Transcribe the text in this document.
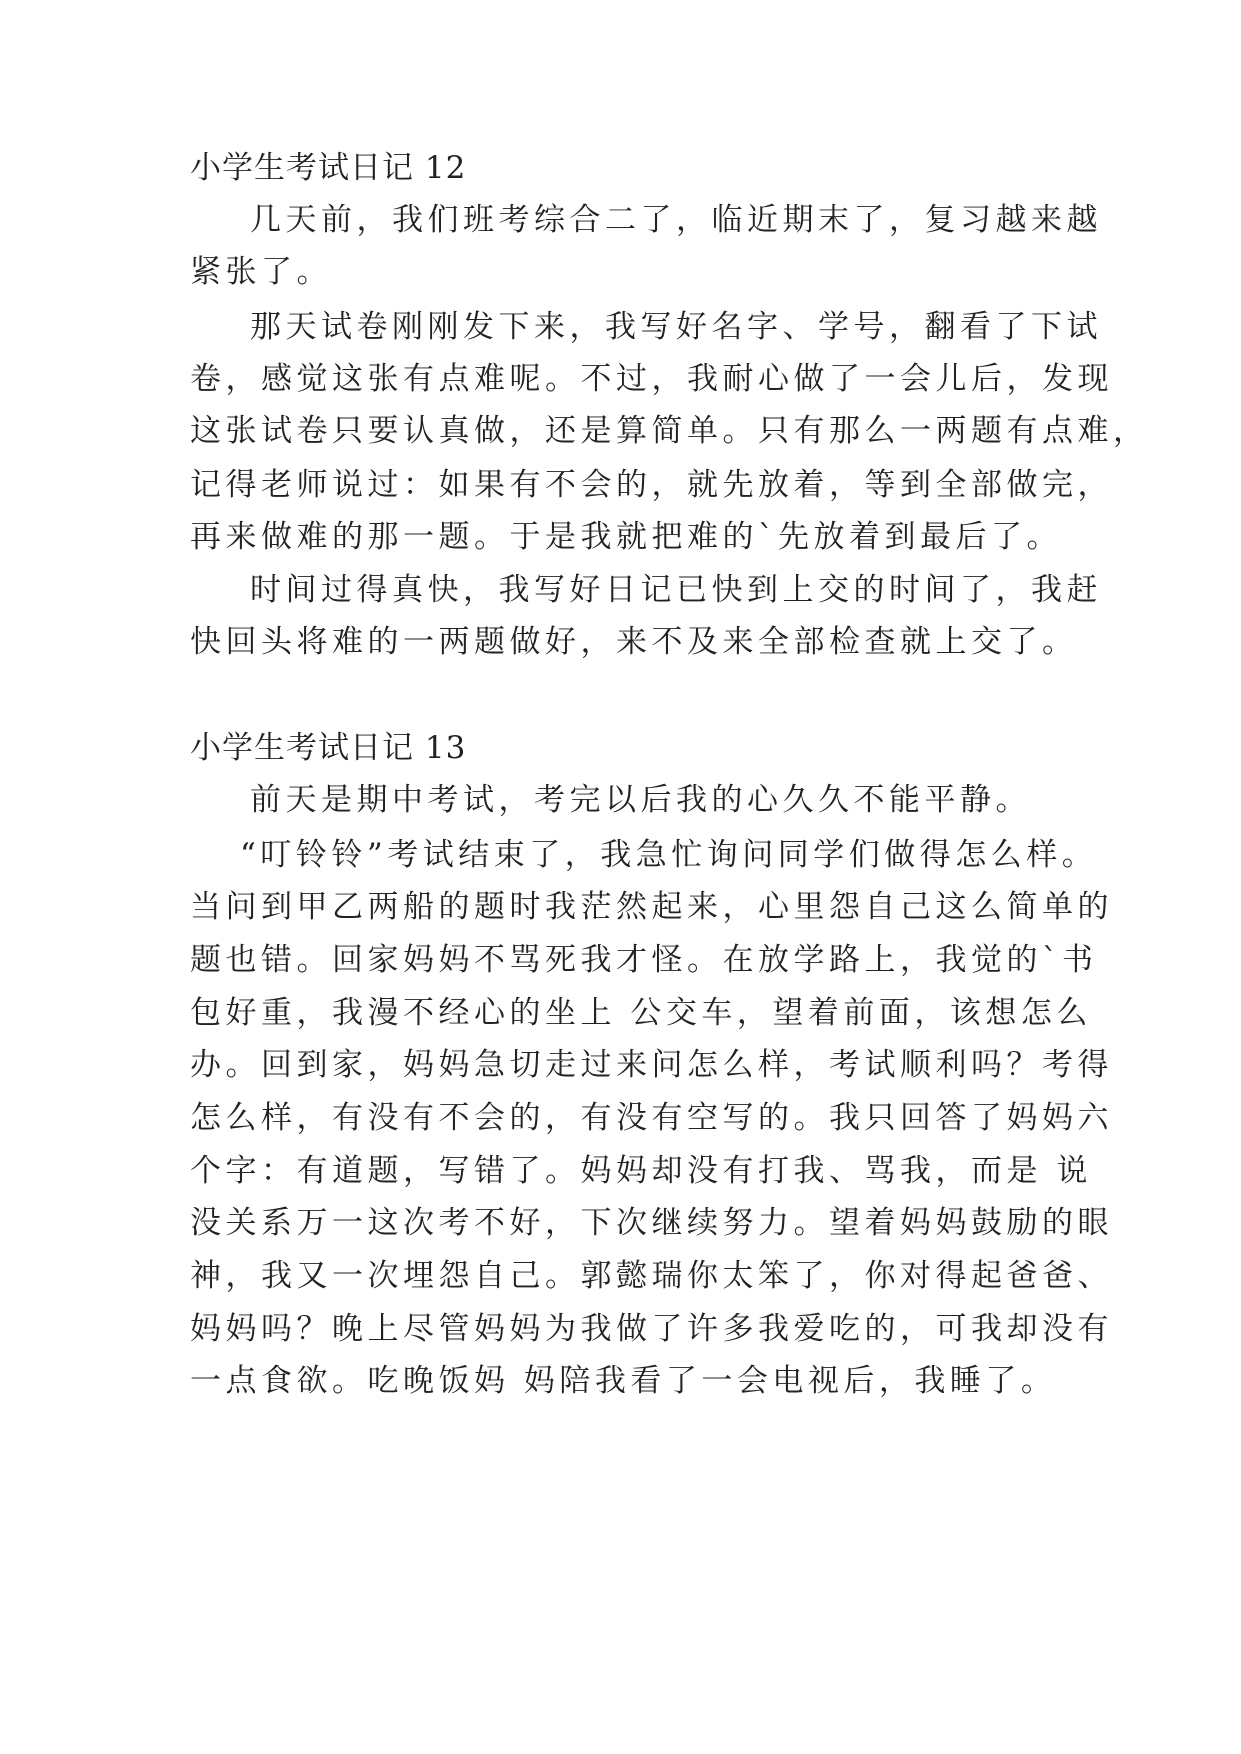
小学生考试日记 12
几天前，我们班考综合二了，临近期末了，复习越来越
紧张了。
那天试卷刚刚发下来，我写好名字、学号，翻看了下试
卷，感觉这张有点难呢。不过，我耐心做了一会儿后，发现
这张试卷只要认真做，还是算简单。只有那么一两题有点难，
记得老师说过：如果有不会的，就先放着，等到全部做完，
再来做难的那一题。于是我就把难的`先放着到最后了。
时间过得真快，我写好日记已快到上交的时间了，我赶
快回头将难的一两题做好，来不及来全部检查就上交了。
小学生考试日记 13
前天是期中考试，考完以后我的心久久不能平静。
“叮铃铃”考试结束了，我急忙询问同学们做得怎么样。
当问到甲乙两船的题时我茫然起来，心里怨自己这么简单的
题也错。回家妈妈不骂死我才怪。在放学路上，我觉的`书
包好重，我漫不经心的坐上 公交车，望着前面，该想怎么
办。回到家，妈妈急切走过来问怎么样，考试顺利吗？考得
怎么样，有没有不会的，有没有空写的。我只回答了妈妈六
个字：有道题，写错了。妈妈却没有打我、骂我，而是 说
没关系万一这次考不好，下次继续努力。望着妈妈鼓励的眼
神，我又一次埋怨自己。郭懿瑞你太笨了，你对得起爸爸、
妈妈吗？晚上尽管妈妈为我做了许多我爱吃的，可我却没有
一点食欲。吃晚饭妈 妈陪我看了一会电视后，我睡了。
